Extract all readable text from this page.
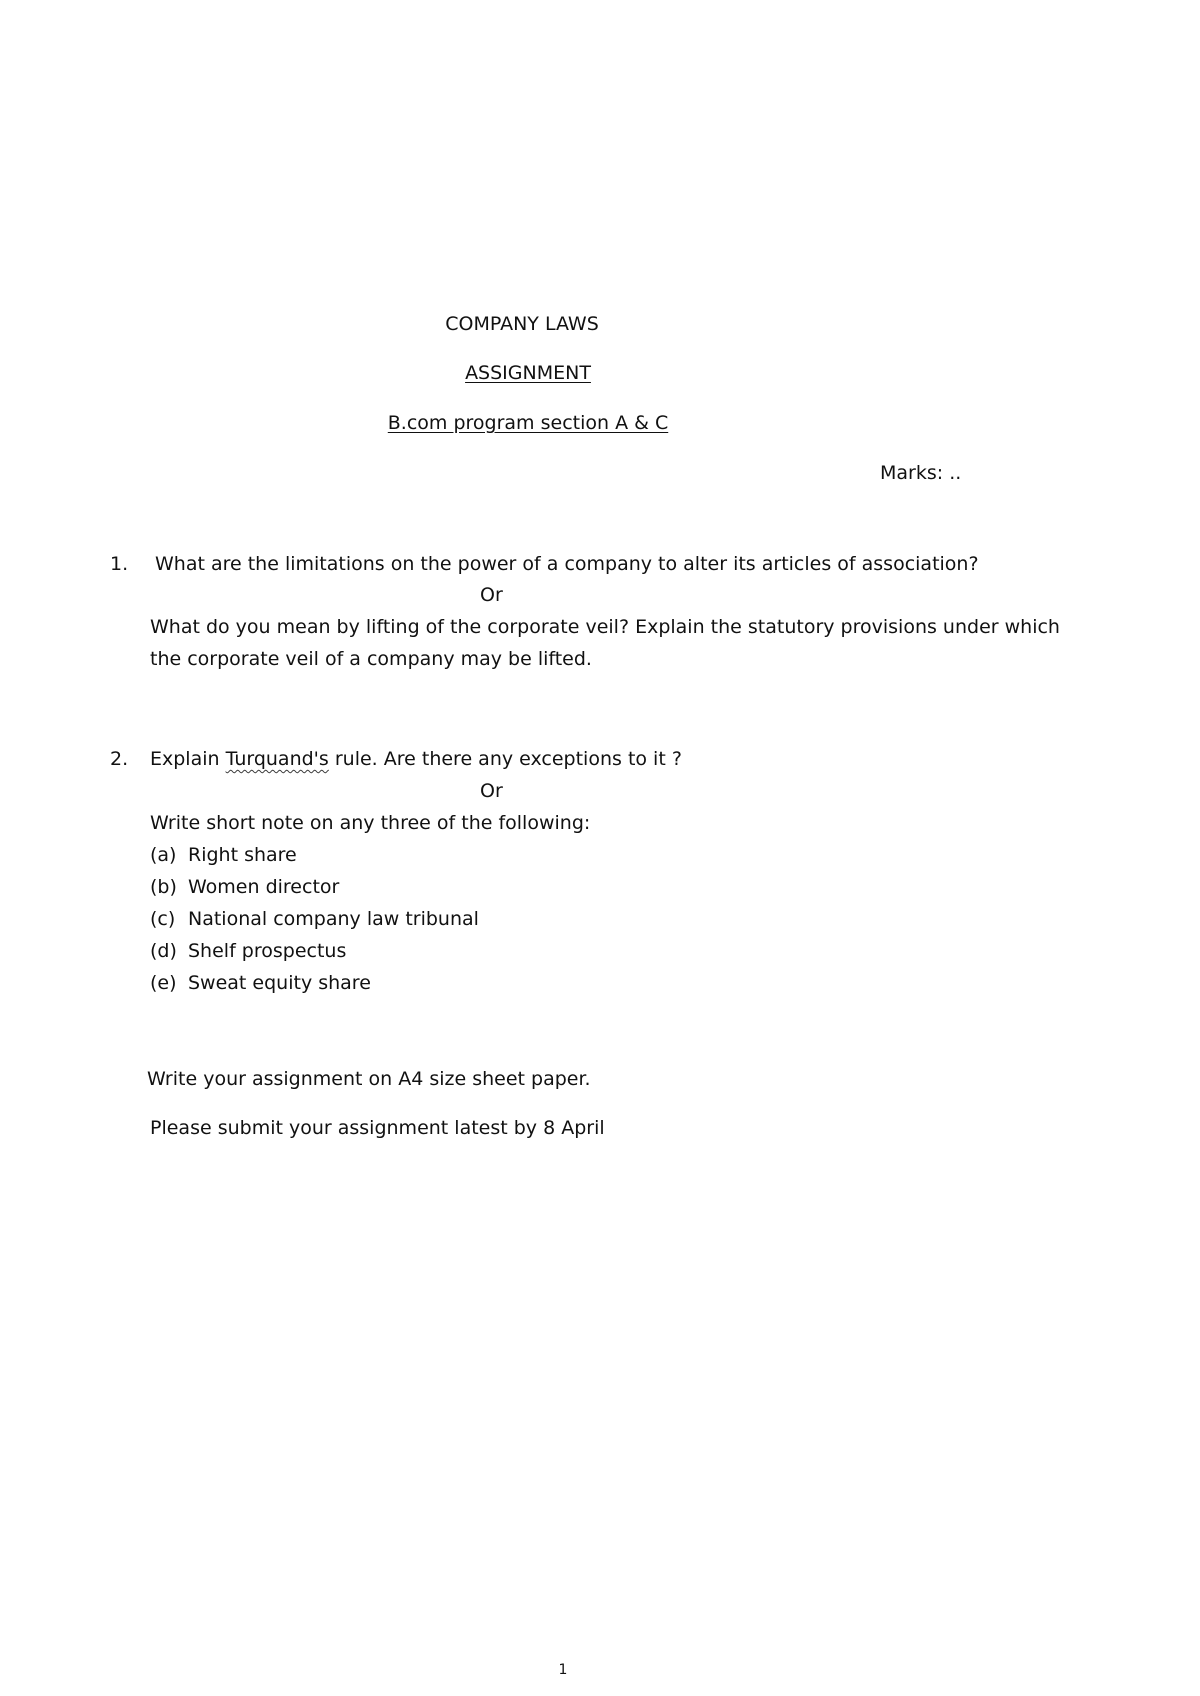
COMPANY LAWS
ASSIGNMENT
B.com program section A & C
Marks: ..
1. What are the limitations on the power of a company to alter its articles of association?
Or
What do you mean by lifting of the corporate veil? Explain the statutory provisions under which
the corporate veil of a company may be lifted.
2. Explain Turquand's rule. Are there any exceptions to it ?
Or
Write short note on any three of the following:
(a) Right share
(b) Women director
(c) National company law tribunal
(d) Shelf prospectus
(e) Sweat equity share
Write your assignment on A4 size sheet paper.
Please submit your assignment latest by 8 April
1
